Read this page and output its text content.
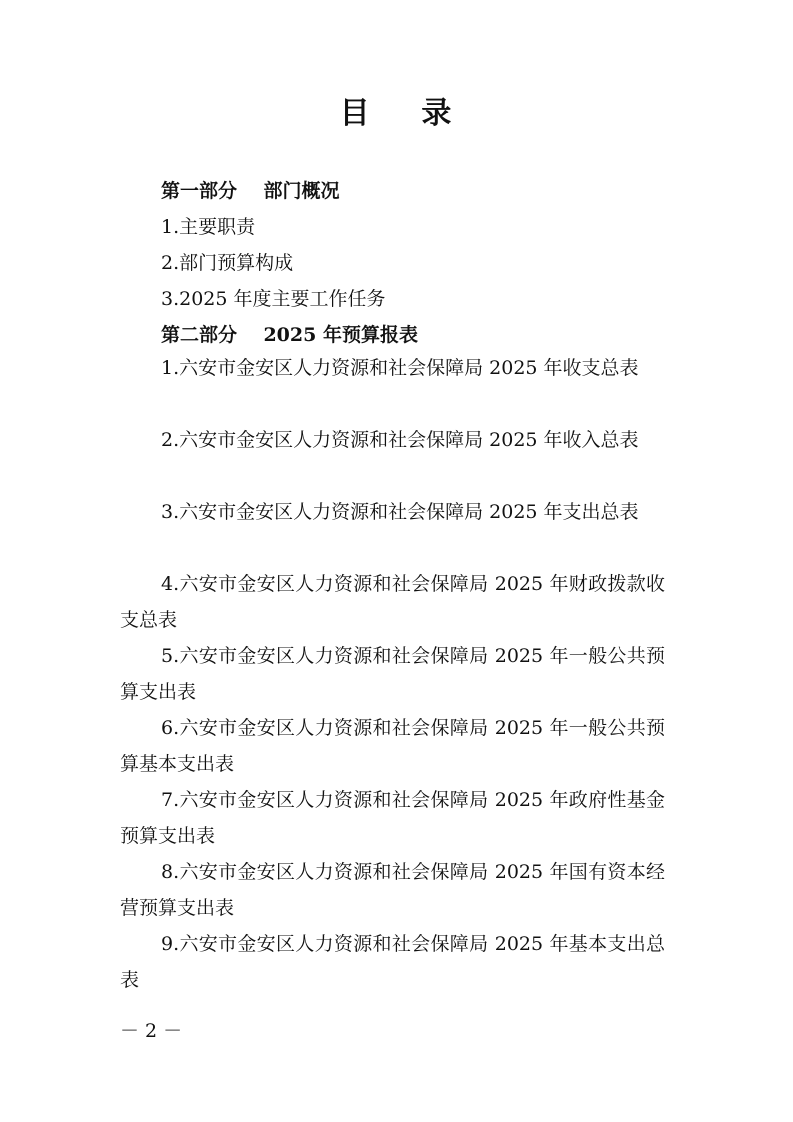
目    录
第一部分    部门概况
1.主要职责
2.部门预算构成
3.2025 年度主要工作任务
第二部分    2025 年预算报表
1.六安市金安区人力资源和社会保障局 2025 年收支总表
2.六安市金安区人力资源和社会保障局 2025 年收入总表
3.六安市金安区人力资源和社会保障局 2025 年支出总表
4.六安市金安区人力资源和社会保障局 2025 年财政拨款收支总表
5.六安市金安区人力资源和社会保障局 2025 年一般公共预算支出表
6.六安市金安区人力资源和社会保障局 2025 年一般公共预算基本支出表
7.六安市金安区人力资源和社会保障局 2025 年政府性基金预算支出表
8.六安市金安区人力资源和社会保障局 2025 年国有资本经营预算支出表
9.六安市金安区人力资源和社会保障局 2025 年基本支出总表
－ 2 －
